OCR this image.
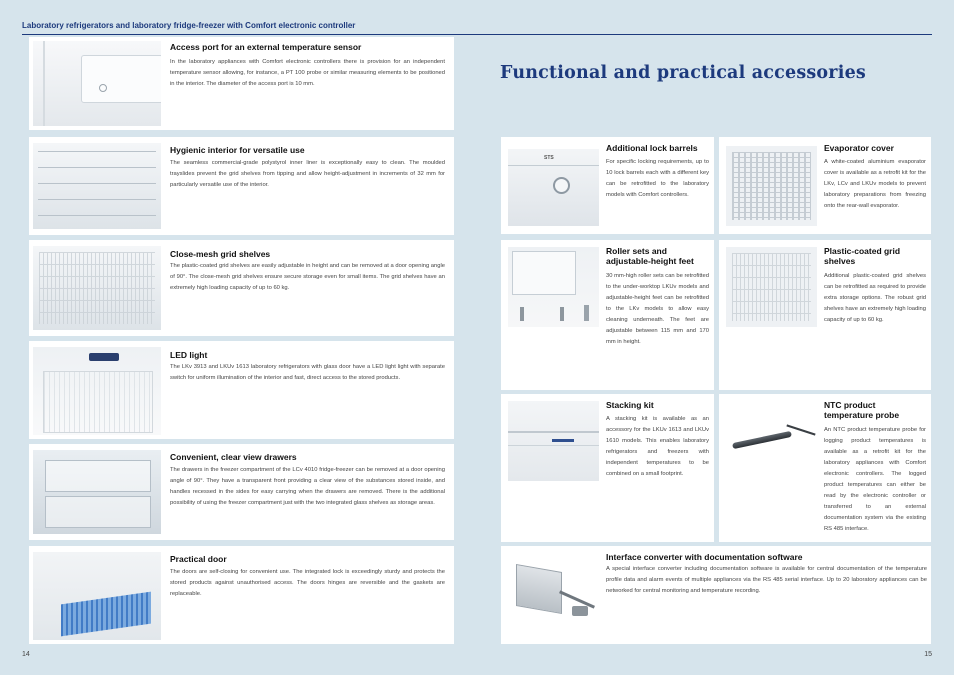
Laboratory refrigerators and laboratory fridge-freezer with Comfort electronic controller
Access port for an external temperature sensor
In the laboratory appliances with Comfort electronic controllers there is provision for an independent temperature sensor allowing, for instance, a PT 100 probe or similar measuring elements to be positioned in the interior. The diameter of the access port is 10 mm.
Hygienic interior for versatile use
The seamless commercial-grade polystyrol inner liner is exceptionally easy to clean. The moulded trayslides prevent the grid shelves from tipping and allow height-adjustment in increments of 32 mm for particularly versatile use of the interior.
Close-mesh grid shelves
The plastic-coated grid shelves are easily adjustable in height and can be removed at a door opening angle of 90°. The close-mesh grid shelves ensure secure storage even for small items. The grid shelves have an extremely high loading capacity of up to 60 kg.
LED light
The LKv 3913 and LKUv 1613 laboratory refrigerators with glass door have a LED light light with separate switch for uniform illumination of the interior and fast, direct access to the stored products.
Convenient, clear view drawers
The drawers in the freezer compartment of the LCv 4010 fridge-freezer can be removed at a door opening angle of 90°. They have a transparent front providing a clear view of the substances stored inside, and handles recessed in the sides for easy carrying when the drawers are removed. There is the additional possibility of using the freezer compartment just with the two integrated glass shelves as storage areas.
Practical door
The doors are self-closing for convenient use. The integrated lock is exceedingly sturdy and protects the stored products against unauthorised access. The doors hinges are reversible and the gaskets are replaceable.
Functional and practical accessories
STS
Additional lock barrels
For specific locking requirements, up to 10 lock barrels each with a different key can be retrofitted to the laboratory models with Comfort controllers.
Evaporator cover
A white-coated aluminium evaporator cover is available as a retrofit kit for the LKv, LCv and LKUv models to prevent laboratory preparations from freezing onto the rear-wall evaporator.
Roller sets and adjustable-height feet
30 mm-high roller sets can be retrofitted to the under-worktop LKUv models and adjustable-height feet can be retrofitted to the LKv models to allow easy cleaning underneath. The feet are adjustable between 115 mm and 170 mm in height.
Plastic-coated grid shelves
Additional plastic-coated grid shelves can be retrofitted as required to provide extra storage options. The robust grid shelves have an extremely high loading capacity of up to 60 kg.
Stacking kit
A stacking kit is available as an accessory for the LKUv 1613 and LKUv 1610 models. This enables laboratory refrigerators and freezers with independent temperatures to be combined on a small footprint.
NTC product temperature probe
An NTC product temperature probe for logging product temperatures is available as a retrofit kit for the laboratory appliances with Comfort electronic controllers. The logged product temperatures can either be read by the electronic controller or transferred to an external documentation system via the existing RS 485 interface.
Interface converter with documentation software
A special interface converter including documentation software is available for central documentation of the temperature profile data and alarm events of multiple appliances via the RS 485 serial interface. Up to 20 laboratory appliances can be networked for central monitoring and temperature recording.
14	15
